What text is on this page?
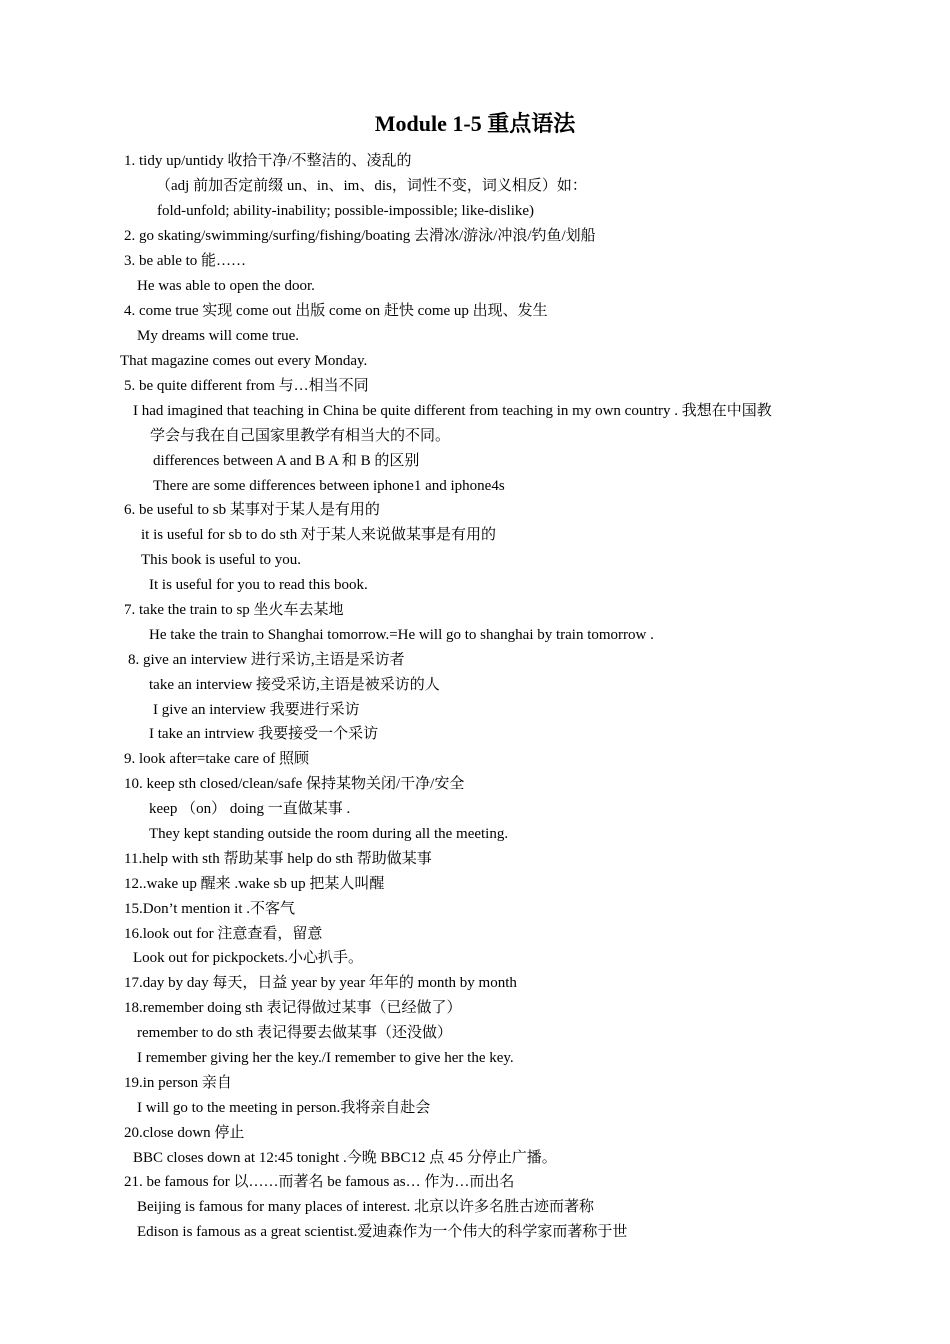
Module 1-5 重点语法
1. tidy up/untidy 收拾干净/不整洁的、凌乱的
（adj 前加否定前缀 un、in、im、dis，词性不变，词义相反）如：
fold-unfold; ability-inability; possible-impossible; like-dislike)
2. go skating/swimming/surfing/fishing/boating 去滑冰/游泳/冲浪/钓鱼/划船
3. be able to 能……
He was able to open the door.
4. come true 实现 come out 出版 come on 赶快 come up 出现、发生
My dreams will come true.
That magazine comes out every Monday.
5. be quite different from 与…相当不同
I had imagined that teaching in China be quite different from teaching in my own country . 我想在中国教
学会与我在自己国家里教学有相当大的不同。
differences between A and B A 和 B 的区别
There are some differences between iphone1 and iphone4s
6. be useful to sb 某事对于某人是有用的
it is useful for sb to do sth 对于某人来说做某事是有用的
This book is useful to you.
It is useful for you to read this book.
7. take the train to sp 坐火车去某地
He take the train to Shanghai tomorrow.=He will go to shanghai by train tomorrow .
8. give an interview 进行采访,主语是采访者
take an interview 接受采访,主语是被采访的人
I give an interview 我要进行采访
I take an intrview 我要接受一个采访
9. look after=take care of 照顾
10. keep sth closed/clean/safe 保持某物关闭/干净/安全
keep （on） doing 一直做某事 .
They kept standing outside the room during all the meeting.
11.help with sth 帮助某事 help do sth 帮助做某事
12..wake up 醒来 .wake sb up 把某人叫醒
15.Don’t mention it .不客气
16.look out for 注意查看，留意
Look out for pickpockets.小心扒手。
17.day by day 每天，日益 year by year 年年的 month by month
18.remember doing sth 表记得做过某事（已经做了）
remember to do sth 表记得要去做某事（还没做）
I remember giving her the key./I remember to give her the key.
19.in person 亲自
I will go to the meeting in person.我将亲自赴会
20.close down 停止
BBC closes down at 12:45 tonight .今晚 BBC12 点 45 分停止广播。
21. be famous for 以……而著名 be famous as… 作为…而出名
Beijing is famous for many places of interest. 北京以许多名胜古迹而著称
Edison is famous as a great scientist.爱迪森作为一个伟大的科学家而著称于世
